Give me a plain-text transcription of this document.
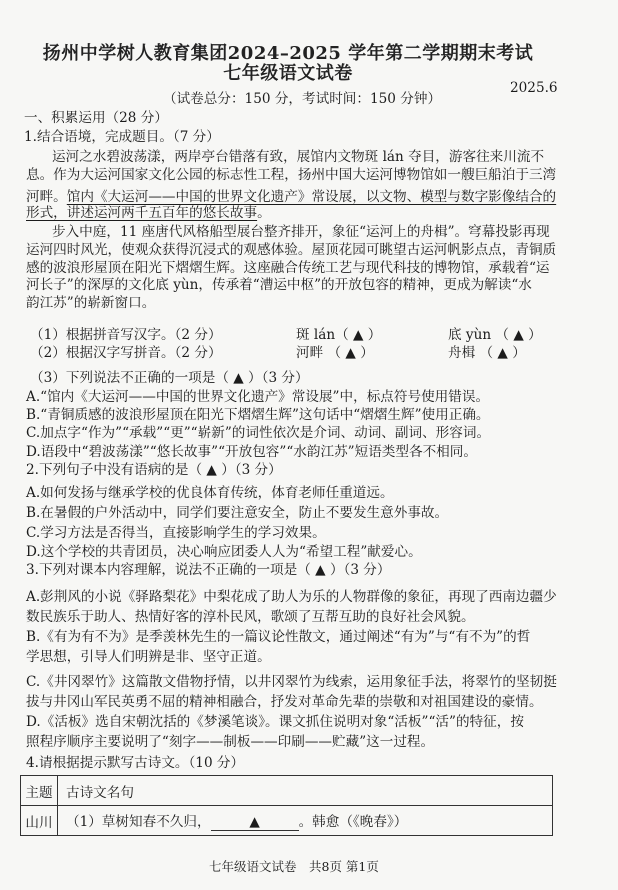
扬州中学树人教育集团2024–2025 学年第二学期期末考试
七年级语文试卷
2025.6
（试卷总分：150 分，考试时间：150 分钟）
一、积累运用（28 分）
1.结合语境，完成题目。（7 分）
运河之水碧波荡漾，两岸亭台错落有致，展馆内文物斑 lán 夺目，游客往来川流不
息。作为大运河国家文化公园的标志性工程，扬州中国大运河博物馆如一艘巨船泊于三湾
河畔。馆内《大运河——中国的世界文化遗产》常设展，以文物、模型与数字影像结合的
形式，讲述运河两千五百年的悠长故事。
步入中庭，11 座唐代风格船型展台整齐排开，象征“运河上的舟楫”。穹幕投影再现
运河四时风光，使观众获得沉浸式的观感体验。屋顶花园可眺望古运河帆影点点，青铜质
感的波浪形屋顶在阳光下熠熠生辉。这座融合传统工艺与现代科技的博物馆，承载着“运
河长子”的深厚的文化底 yùn，传承着“漕运中枢”的开放包容的精神，更成为解读“水
韵江苏”的崭新窗口。
（1）根据拼音写汉字。（2 分）	斑 lán（ ▲ ）	底 yùn （ ▲ ）
（2）根据汉字写拼音。（2 分）	河畔 （ ▲ ）	舟楫 （ ▲ ）
（3）下列说法不正确的一项是（ ▲ ）（3 分）
A.“馆内《大运河——中国的世界文化遗产》常设展”中，标点符号使用错误。
B.“青铜质感的波浪形屋顶在阳光下熠熠生辉”这句话中“熠熠生辉”使用正确。
C.加点字“作为”“承载”“更”“崭新”的词性依次是介词、动词、副词、形容词。
D.语段中“碧波荡漾”“悠长故事”“开放包容”“水韵江苏”短语类型各不相同。
2.下列句子中没有语病的是（ ▲ ）（3 分）
A.如何发扬与继承学校的优良体育传统，体育老师任重道远。
B.在暑假的户外活动中，同学们要注意安全，防止不要发生意外事故。
C.学习方法是否得当，直接影响学生的学习效果。
D.这个学校的共青团员，决心响应团委人人为“希望工程”献爱心。
3.下列对课本内容理解，说法不正确的一项是（ ▲ ）（3 分）
A.彭荆风的小说《驿路梨花》中梨花成了助人为乐的人物群像的象征，再现了西南边疆少
数民族乐于助人、热情好客的淳朴民风，歌颂了互帮互助的良好社会风貌。
B.《有为有不为》是季羡林先生的一篇议论性散文，通过阐述“有为”与“有不为”的哲
学思想，引导人们明辨是非、坚守正道。
C.《井冈翠竹》这篇散文借物抒情，以井冈翠竹为线索，运用象征手法，将翠竹的坚韧挺
拔与井冈山军民英勇不屈的精神相融合，抒发对革命先辈的崇敬和对祖国建设的豪情。
D.《活板》选自宋朝沈括的《梦溪笔谈》。课文抓住说明对象“活板”“活”的特征，按
照程序顺序主要说明了“刻字——制板——印刷——贮藏”这一过程。
4.请根据提示默写古诗文。（10 分）
主题	古诗文名句
山川	（1）草树知春不久归， ▲ 。韩愈（《晚春》）
七年级语文试卷　共8页 第1页
